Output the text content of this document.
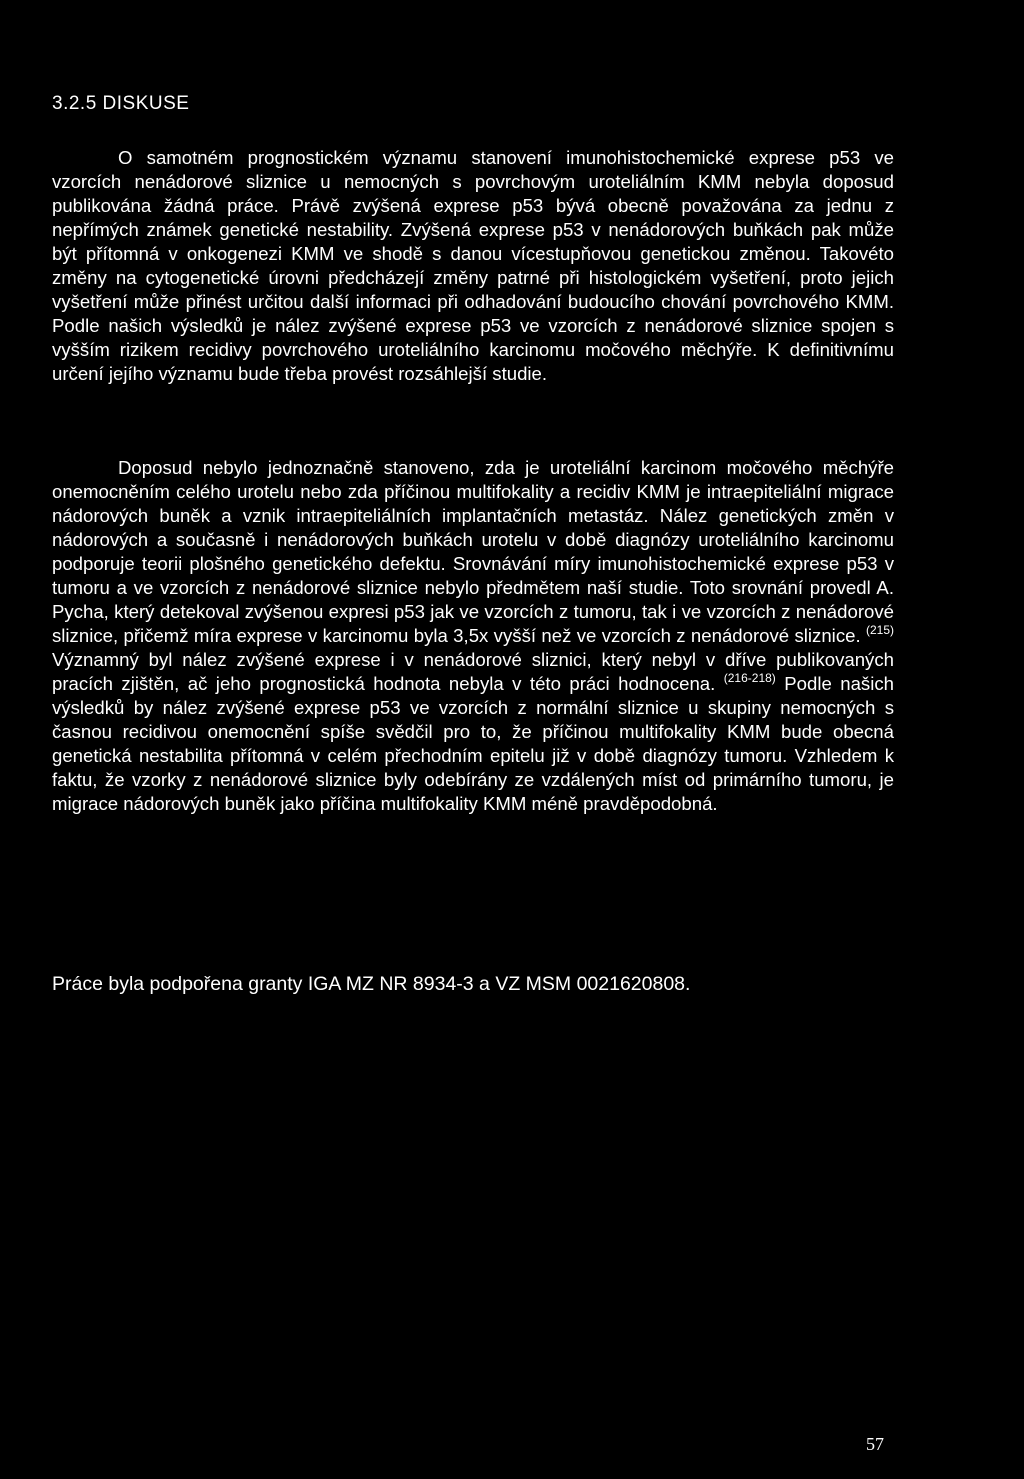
3.2.5 DISKUSE

O samotném prognostickém významu stanovení imunohistochemické exprese p53 ve vzorcích nenádorové sliznice u nemocných s povrchovým uroteliálním KMM nebyla doposud publikována žádná práce. Právě zvýšená exprese p53 bývá obecně považována za jednu z nepřímých známek genetické nestability. Zvýšená exprese p53 v nenádorových buňkách pak může být přítomná v onkogenezi KMM ve shodě s danou vícestupňovou genetickou změnou. Takovéto změny na cytogenetické úrovni předcházejí změny patrné při histologickém vyšetření, proto jejich vyšetření může přinést určitou další informaci při odhadování budoucího chování povrchového KMM. Podle našich výsledků je nález zvýšené exprese p53 ve vzorcích z nenádorové sliznice spojen s vyšším rizikem recidivy povrchového uroteliálního karcinomu močového měchýře. K definitivnímu určení jejího významu bude třeba provést rozsáhlejší studie.

Doposud nebylo jednoznačně stanoveno, zda je uroteliální karcinom močového měchýře onemocněním celého urotelu nebo zda příčinou multifokality a recidiv KMM je intraepiteliální migrace nádorových buněk a vznik intraepiteliálních implantačních metastáz. Nález genetických změn v nádorových a současně i nenádorových buňkách urotelu v době diagnózy uroteliálního karcinomu podporuje teorii plošného genetického defektu. Srovnávání míry imunohistochemické exprese p53 v tumoru a ve vzorcích z nenádorové sliznice nebylo předmětem naší studie. Toto srovnání provedl A. Pycha, který detekoval zvýšenou expresi p53 jak ve vzorcích z tumoru, tak i ve vzorcích z nenádorové sliznice, přičemž míra exprese v karcinomu byla 3,5x vyšší než ve vzorcích z nenádorové sliznice. $^{(215)}$ Významný byl nález zvýšené exprese i v nenádorové sliznici, který nebyl v dříve publikovaných pracích zjištěn, ač jeho prognostická hodnota nebyla v této práci hodnocena. $^{(216-218)}$ Podle našich výsledků by nález zvýšené exprese p53 ve vzorcích z normální sliznice u skupiny nemocných s časnou recidivou onemocnění spíše svědčil pro to, že příčinou multifokality KMM bude obecná genetická nestabilita přítomná v celém přechodním epitelu již v době diagnózy tumoru. Vzhledem k faktu, že vzorky z nenádorové sliznice byly odebírány ze vzdálených míst od primárního tumoru, je migrace nádorových buněk jako příčina multifokality KMM méně pravděpodobná.

Práce byla podpořena granty IGA MZ NR 8934-3 a VZ MSM 0021620808.

57
